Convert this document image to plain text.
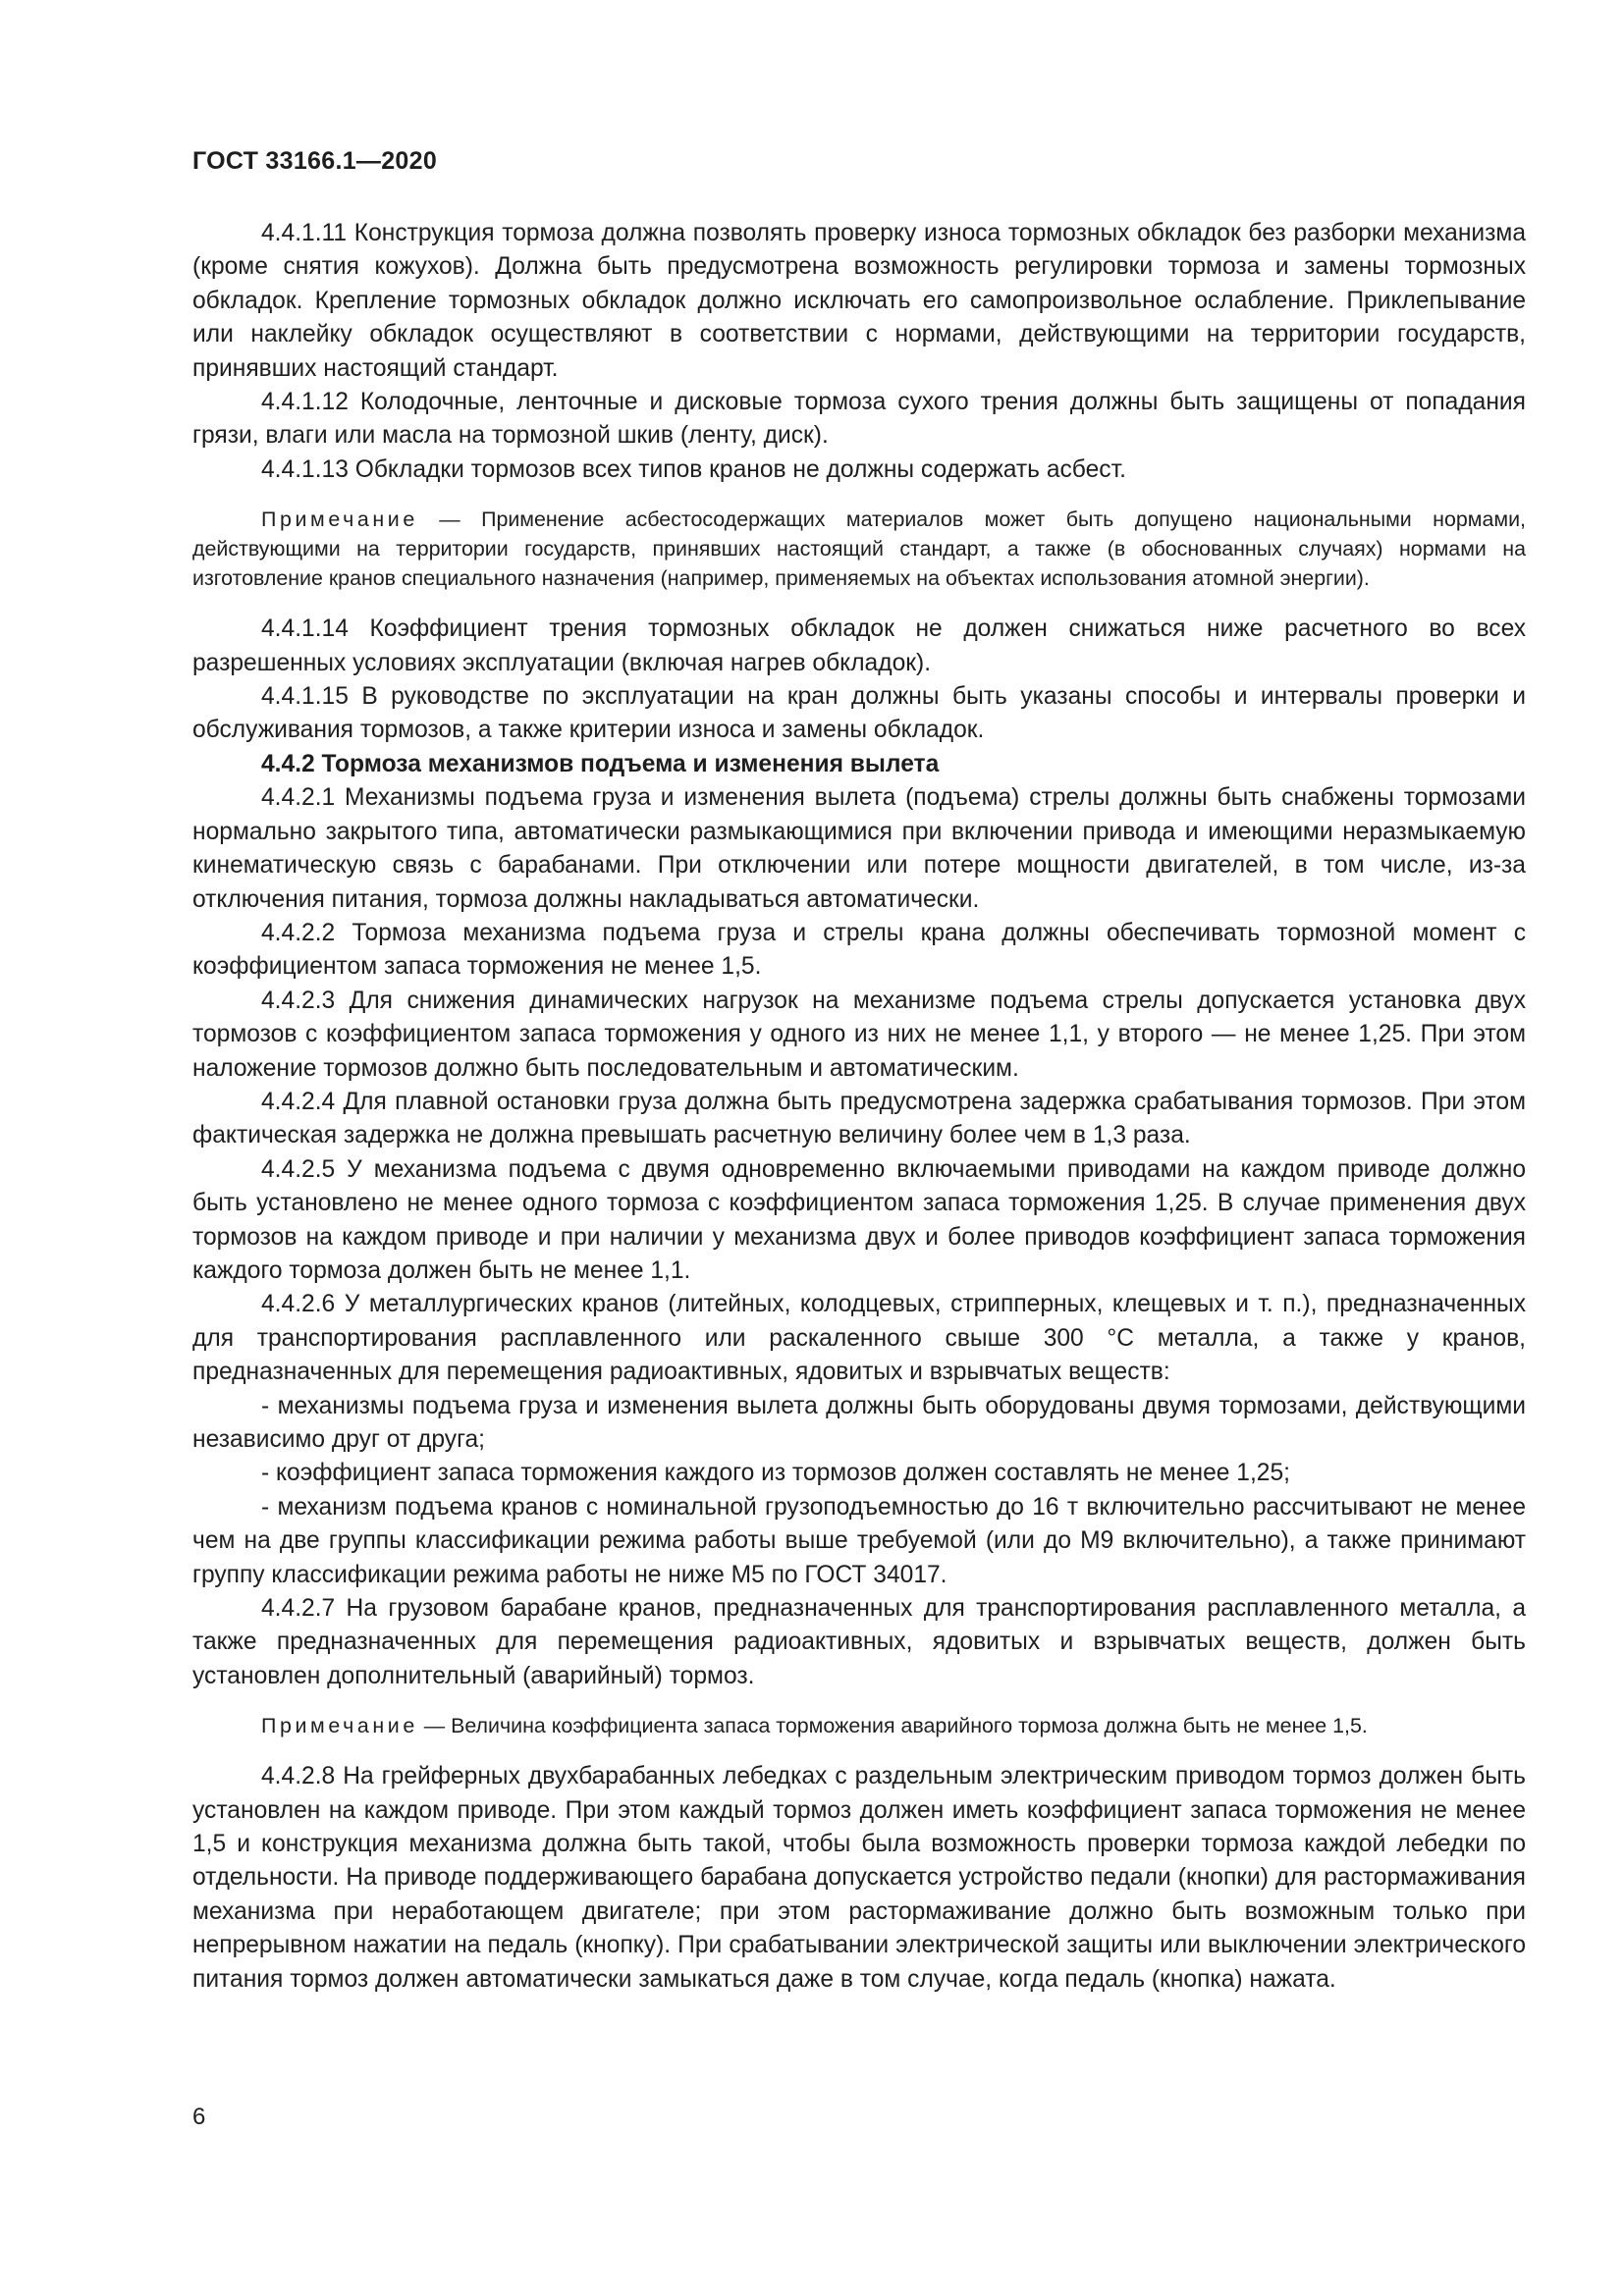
ГОСТ 33166.1—2020

4.4.1.11 Конструкция тормоза должна позволять проверку износа тормозных обкладок без разборки механизма (кроме снятия кожухов). Должна быть предусмотрена возможность регулировки тормоза и замены тормозных обкладок. Крепление тормозных обкладок должно исключать его самопроизвольное ослабление. Приклепывание или наклейку обкладок осуществляют в соответствии с нормами, действующими на территории государств, принявших настоящий стандарт.

4.4.1.12 Колодочные, ленточные и дисковые тормоза сухого трения должны быть защищены от попадания грязи, влаги или масла на тормозной шкив (ленту, диск).

4.4.1.13 Обкладки тормозов всех типов кранов не должны содержать асбест.

Примечание — Применение асбестосодержащих материалов может быть допущено национальными нормами, действующими на территории государств, принявших настоящий стандарт, а также (в обоснованных случаях) нормами на изготовление кранов специального назначения (например, применяемых на объектах использования атомной энергии).

4.4.1.14 Коэффициент трения тормозных обкладок не должен снижаться ниже расчетного во всех разрешенных условиях эксплуатации (включая нагрев обкладок).

4.4.1.15 В руководстве по эксплуатации на кран должны быть указаны способы и интервалы проверки и обслуживания тормозов, а также критерии износа и замены обкладок.

4.4.2 Тормоза механизмов подъема и изменения вылета

4.4.2.1 Механизмы подъема груза и изменения вылета (подъема) стрелы должны быть снабжены тормозами нормально закрытого типа, автоматически размыкающимися при включении привода и имеющими неразмыкаемую кинематическую связь с барабанами. При отключении или потере мощности двигателей, в том числе, из-за отключения питания, тормоза должны накладываться автоматически.

4.4.2.2 Тормоза механизма подъема груза и стрелы крана должны обеспечивать тормозной момент с коэффициентом запаса торможения не менее 1,5.

4.4.2.3 Для снижения динамических нагрузок на механизме подъема стрелы допускается установка двух тормозов с коэффициентом запаса торможения у одного из них не менее 1,1, у второго — не менее 1,25. При этом наложение тормозов должно быть последовательным и автоматическим.

4.4.2.4 Для плавной остановки груза должна быть предусмотрена задержка срабатывания тормозов. При этом фактическая задержка не должна превышать расчетную величину более чем в 1,3 раза.

4.4.2.5 У механизма подъема с двумя одновременно включаемыми приводами на каждом приводе должно быть установлено не менее одного тормоза с коэффициентом запаса торможения 1,25. В случае применения двух тормозов на каждом приводе и при наличии у механизма двух и более приводов коэффициент запаса торможения каждого тормоза должен быть не менее 1,1.

4.4.2.6 У металлургических кранов (литейных, колодцевых, стрипперных, клещевых и т. п.), предназначенных для транспортирования расплавленного или раскаленного свыше 300 °С металла, а также у кранов, предназначенных для перемещения радиоактивных, ядовитых и взрывчатых веществ:

- механизмы подъема груза и изменения вылета должны быть оборудованы двумя тормозами, действующими независимо друг от друга;

- коэффициент запаса торможения каждого из тормозов должен составлять не менее 1,25;

- механизм подъема кранов с номинальной грузоподъемностью до 16 т включительно рассчитывают не менее чем на две группы классификации режима работы выше требуемой (или до М9 включительно), а также принимают группу классификации режима работы не ниже М5 по ГОСТ 34017.

4.4.2.7 На грузовом барабане кранов, предназначенных для транспортирования расплавленного металла, а также предназначенных для перемещения радиоактивных, ядовитых и взрывчатых веществ, должен быть установлен дополнительный (аварийный) тормоз.

Примечание — Величина коэффициента запаса торможения аварийного тормоза должна быть не менее 1,5.

4.4.2.8 На грейферных двухбарабанных лебедках с раздельным электрическим приводом тормоз должен быть установлен на каждом приводе. При этом каждый тормоз должен иметь коэффициент запаса торможения не менее 1,5 и конструкция механизма должна быть такой, чтобы была возможность проверки тормоза каждой лебедки по отдельности. На приводе поддерживающего барабана допускается устройство педали (кнопки) для растормаживания механизма при неработающем двигателе; при этом растормаживание должно быть возможным только при непрерывном нажатии на педаль (кнопку). При срабатывании электрической защиты или выключении электрического питания тормоз должен автоматически замыкаться даже в том случае, когда педаль (кнопка) нажата.

6
